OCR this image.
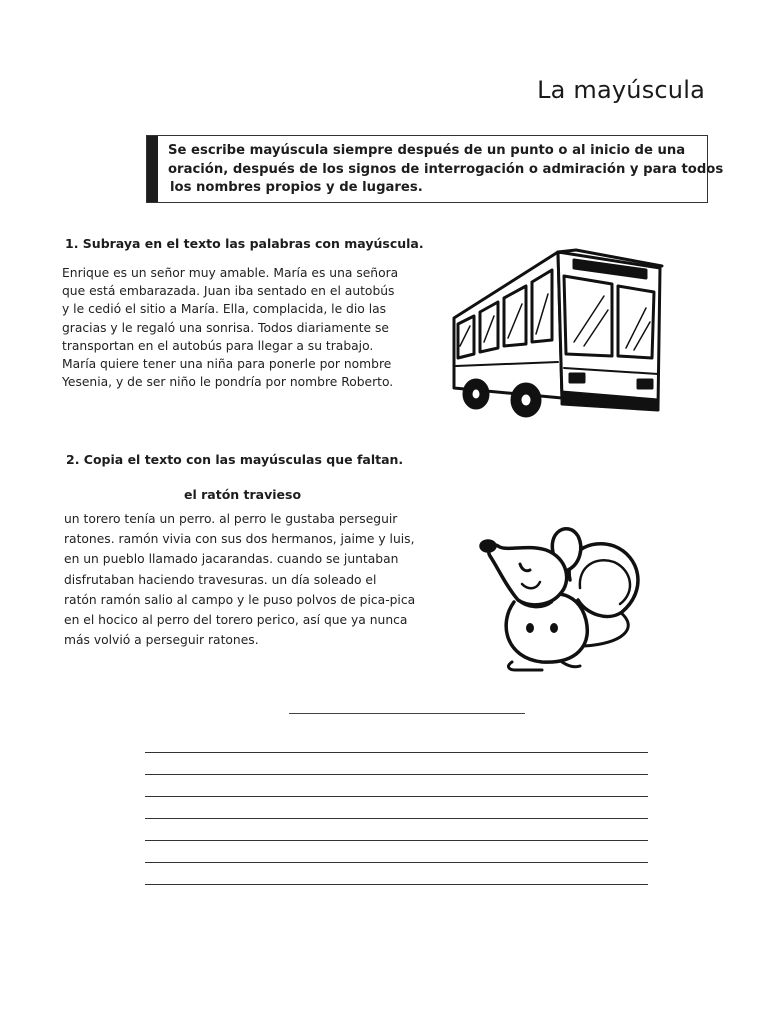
La mayúscula
Se escribe mayúscula siempre después de un punto o al inicio de una
oración, después de los signos de interrogación o admiración y para todos
los nombres propios y de lugares.
1. Subraya en el texto las palabras con mayúscula.
Enrique es un señor muy amable. María es una señora
que está embarazada. Juan iba sentado en el autobús
y le cedió el sitio a María. Ella, complacida, le dio las
gracias y le regaló una sonrisa. Todos diariamente se
transportan en el autobús para llegar a su trabajo.
María quiere tener una niña para ponerle por nombre
Yesenia, y de ser niño le pondría por nombre Roberto.
2. Copia el texto con las mayúsculas que faltan.
el ratón travieso
un torero tenía un perro. al perro le gustaba perseguir
ratones. ramón vivia con sus dos hermanos, jaime y luis,
en un pueblo llamado jacarandas. cuando se juntaban
disfrutaban haciendo travesuras. un día soleado el
ratón ramón salio al campo y le puso polvos de pica-pica
en el hocico al perro del torero perico, así que ya nunca
más volvió a perseguir ratones.
